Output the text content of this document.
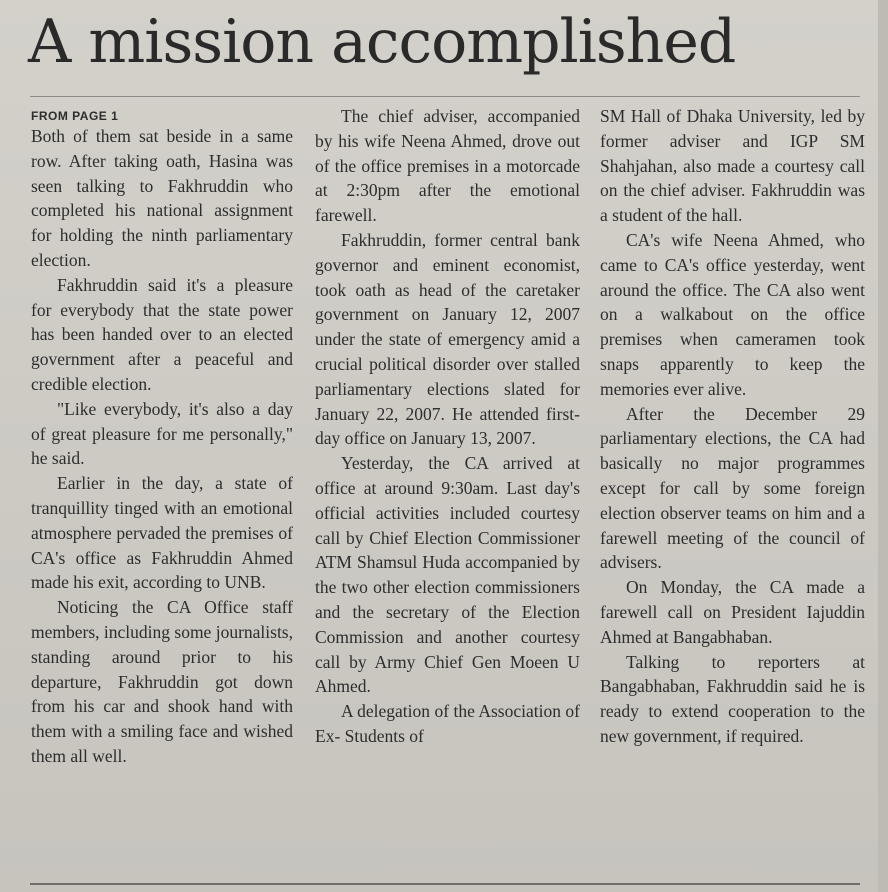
A mission accomplished
FROM PAGE 1

Both of them sat beside in a same row. After taking oath, Hasina was seen talking to Fakhruddin who completed his national assignment for holding the ninth parliamentary election.

Fakhruddin said it's a pleasure for everybody that the state power has been handed over to an elected government after a peaceful and credible election.

"Like everybody, it's also a day of great pleasure for me personally," he said.

Earlier in the day, a state of tranquillity tinged with an emotional atmosphere pervaded the premises of CA's office as Fakhruddin Ahmed made his exit, according to UNB.

Noticing the CA Office staff members, including some journalists, standing around prior to his departure, Fakhruddin got down from his car and shook hand with them with a smiling face and wished them all well.

The chief adviser, accompanied by his wife Neena Ahmed, drove out of the office premises in a motorcade at 2:30pm after the emotional farewell.

Fakhruddin, former central bank governor and eminent economist, took oath as head of the caretaker government on January 12, 2007 under the state of emergency amid a crucial political disorder over stalled parliamentary elections slated for January 22, 2007. He attended first-day office on January 13, 2007.

Yesterday, the CA arrived at office at around 9:30am. Last day's official activities included courtesy call by Chief Election Commissioner ATM Shamsul Huda accompanied by the two other election commissioners and the secretary of the Election Commission and another courtesy call by Army Chief Gen Moeen U Ahmed.

A delegation of the Association of Ex- Students of

SM Hall of Dhaka University, led by former adviser and IGP SM Shahjahan, also made a courtesy call on the chief adviser. Fakhruddin was a student of the hall.

CA's wife Neena Ahmed, who came to CA's office yesterday, went around the office. The CA also went on a walkabout on the office premises when cameramen took snaps apparently to keep the memories ever alive.

After the December 29 parliamentary elections, the CA had basically no major programmes except for call by some foreign election observer teams on him and a farewell meeting of the council of advisers.

On Monday, the CA made a farewell call on President Iajuddin Ahmed at Bangabhaban.

Talking to reporters at Bangabhaban, Fakhruddin said he is ready to extend cooperation to the new government, if required.
